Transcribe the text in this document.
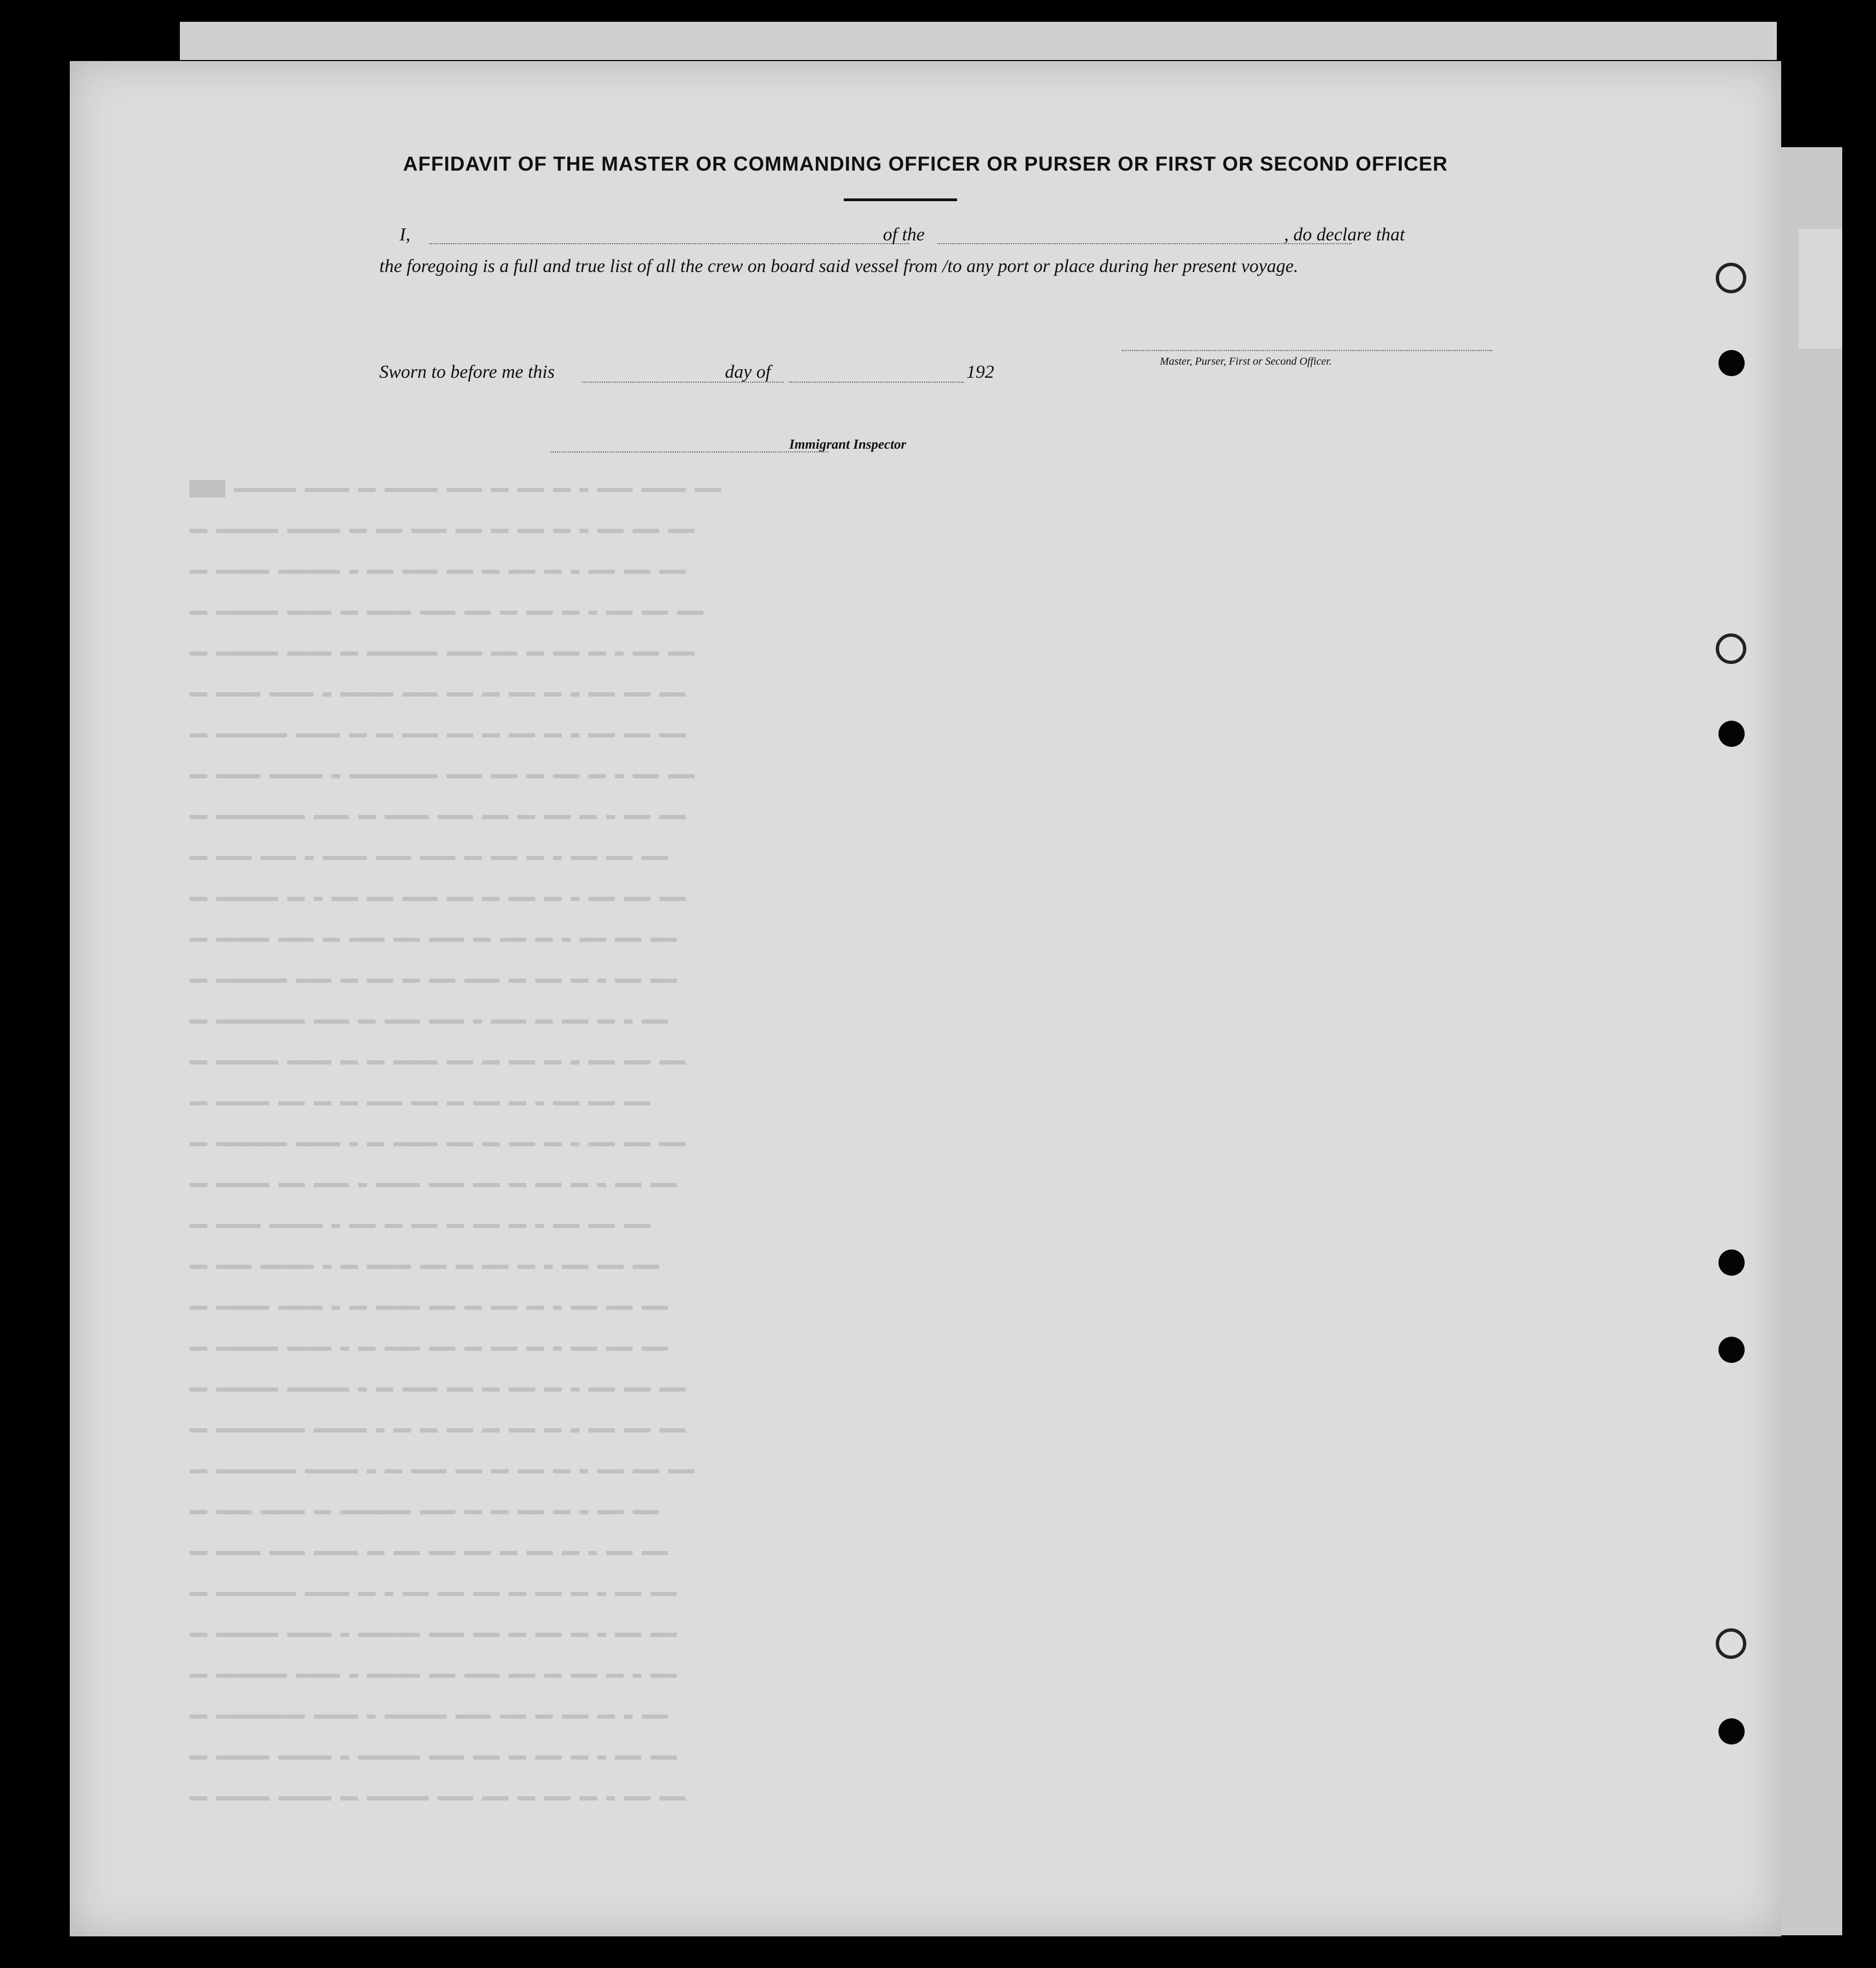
AFFIDAVIT OF THE MASTER OR COMMANDING OFFICER OR PURSER OR FIRST OR SECOND OFFICER
I,	of the	, do declare that
the foregoing is a full and true list of all the crew on board said vessel from /to any port or place during her present voyage.
Sworn to before me this	day of	192
Master, Purser, First or Second Officer.
Immigrant Inspector
████ ▬▬▬▬▬▬▬ ▬▬▬▬▬ ▬▬ ▬▬▬▬▬▬ ▬▬▬▬ ▬▬ ▬▬▬ ▬▬ ▬ ▬▬▬▬ ▬▬▬▬▬ ▬▬▬
▬▬ ▬▬▬▬▬▬▬ ▬▬▬▬▬▬ ▬▬ ▬▬▬ ▬▬▬▬ ▬▬▬ ▬▬ ▬▬▬ ▬▬ ▬ ▬▬▬ ▬▬▬ ▬▬▬
▬▬ ▬▬▬▬▬▬ ▬▬▬▬▬▬▬ ▬ ▬▬▬ ▬▬▬▬ ▬▬▬ ▬▬ ▬▬▬ ▬▬ ▬ ▬▬▬ ▬▬▬ ▬▬▬
▬▬ ▬▬▬▬▬▬▬ ▬▬▬▬▬ ▬▬ ▬▬▬▬▬ ▬▬▬▬ ▬▬▬ ▬▬ ▬▬▬ ▬▬ ▬ ▬▬▬ ▬▬▬ ▬▬▬
▬▬ ▬▬▬▬▬▬▬ ▬▬▬▬▬ ▬▬ ▬▬▬▬▬▬▬▬ ▬▬▬▬ ▬▬▬ ▬▬ ▬▬▬ ▬▬ ▬ ▬▬▬ ▬▬▬
▬▬ ▬▬▬▬▬ ▬▬▬▬▬ ▬ ▬▬▬▬▬▬ ▬▬▬▬ ▬▬▬ ▬▬ ▬▬▬ ▬▬ ▬ ▬▬▬ ▬▬▬ ▬▬▬
▬▬ ▬▬▬▬▬▬▬▬ ▬▬▬▬▬ ▬▬ ▬▬ ▬▬▬▬ ▬▬▬ ▬▬ ▬▬▬ ▬▬ ▬ ▬▬▬ ▬▬▬ ▬▬▬
▬▬ ▬▬▬▬▬ ▬▬▬▬▬▬ ▬ ▬▬▬▬▬▬▬▬▬▬ ▬▬▬▬ ▬▬▬ ▬▬ ▬▬▬ ▬▬ ▬ ▬▬▬ ▬▬▬
▬▬ ▬▬▬▬▬▬▬▬▬▬ ▬▬▬▬ ▬▬ ▬▬▬▬▬ ▬▬▬▬ ▬▬▬ ▬▬ ▬▬▬ ▬▬ ▬ ▬▬▬ ▬▬▬
▬▬ ▬▬▬▬ ▬▬▬▬ ▬ ▬▬▬▬▬ ▬▬▬▬ ▬▬▬▬ ▬▬ ▬▬▬ ▬▬ ▬ ▬▬▬ ▬▬▬ ▬▬▬
▬▬ ▬▬▬▬▬▬▬ ▬▬ ▬ ▬▬▬ ▬▬▬ ▬▬▬▬ ▬▬▬ ▬▬ ▬▬▬ ▬▬ ▬ ▬▬▬ ▬▬▬ ▬▬▬
▬▬ ▬▬▬▬▬▬ ▬▬▬▬ ▬▬ ▬▬▬▬ ▬▬▬ ▬▬▬▬ ▬▬ ▬▬▬ ▬▬ ▬ ▬▬▬ ▬▬▬ ▬▬▬
▬▬ ▬▬▬▬▬▬▬▬ ▬▬▬▬ ▬▬ ▬▬▬ ▬▬ ▬▬▬ ▬▬▬▬ ▬▬ ▬▬▬ ▬▬ ▬ ▬▬▬ ▬▬▬
▬▬ ▬▬▬▬▬▬▬▬▬▬ ▬▬▬▬ ▬▬ ▬▬▬▬ ▬▬▬▬ ▬ ▬▬▬▬ ▬▬ ▬▬▬ ▬▬ ▬ ▬▬▬
▬▬ ▬▬▬▬▬▬▬ ▬▬▬▬▬ ▬▬ ▬▬ ▬▬▬▬▬ ▬▬▬ ▬▬ ▬▬▬ ▬▬ ▬ ▬▬▬ ▬▬▬ ▬▬▬
▬▬ ▬▬▬▬▬▬ ▬▬▬ ▬▬ ▬▬ ▬▬▬▬ ▬▬▬ ▬▬ ▬▬▬ ▬▬ ▬ ▬▬▬ ▬▬▬ ▬▬▬
▬▬ ▬▬▬▬▬▬▬▬ ▬▬▬▬▬ ▬ ▬▬ ▬▬▬▬▬ ▬▬▬ ▬▬ ▬▬▬ ▬▬ ▬ ▬▬▬ ▬▬▬ ▬▬▬
▬▬ ▬▬▬▬▬▬ ▬▬▬ ▬▬▬▬ ▬ ▬▬▬▬▬ ▬▬▬▬ ▬▬▬ ▬▬ ▬▬▬ ▬▬ ▬ ▬▬▬ ▬▬▬
▬▬ ▬▬▬▬▬ ▬▬▬▬▬▬ ▬ ▬▬▬ ▬▬ ▬▬▬ ▬▬ ▬▬▬ ▬▬ ▬ ▬▬▬ ▬▬▬ ▬▬▬
▬▬ ▬▬▬▬ ▬▬▬▬▬▬ ▬ ▬▬ ▬▬▬▬▬ ▬▬▬ ▬▬ ▬▬▬ ▬▬ ▬ ▬▬▬ ▬▬▬ ▬▬▬
▬▬ ▬▬▬▬▬▬ ▬▬▬▬▬ ▬ ▬▬ ▬▬▬▬▬ ▬▬▬ ▬▬ ▬▬▬ ▬▬ ▬ ▬▬▬ ▬▬▬ ▬▬▬
▬▬ ▬▬▬▬▬▬▬ ▬▬▬▬▬ ▬ ▬▬ ▬▬▬▬ ▬▬▬ ▬▬ ▬▬▬ ▬▬ ▬ ▬▬▬ ▬▬▬ ▬▬▬
▬▬ ▬▬▬▬▬▬▬ ▬▬▬▬▬▬▬ ▬ ▬▬ ▬▬▬▬ ▬▬▬ ▬▬ ▬▬▬ ▬▬ ▬ ▬▬▬ ▬▬▬ ▬▬▬
▬▬ ▬▬▬▬▬▬▬▬▬▬ ▬▬▬▬▬▬ ▬ ▬▬ ▬▬ ▬▬▬ ▬▬ ▬▬▬ ▬▬ ▬ ▬▬▬ ▬▬▬ ▬▬▬
▬▬ ▬▬▬▬▬▬▬▬▬ ▬▬▬▬▬▬ ▬ ▬▬ ▬▬▬▬ ▬▬▬ ▬▬ ▬▬▬ ▬▬ ▬ ▬▬▬ ▬▬▬ ▬▬▬
▬▬ ▬▬▬▬ ▬▬▬▬▬ ▬▬ ▬▬▬▬▬▬▬▬ ▬▬▬▬ ▬▬ ▬▬ ▬▬▬ ▬▬ ▬ ▬▬▬ ▬▬▬
▬▬ ▬▬▬▬▬ ▬▬▬▬ ▬▬▬▬▬ ▬▬ ▬▬▬ ▬▬▬ ▬▬▬ ▬▬ ▬▬▬ ▬▬ ▬ ▬▬▬ ▬▬▬
▬▬ ▬▬▬▬▬▬▬▬▬ ▬▬▬▬▬ ▬▬ ▬ ▬▬▬ ▬▬▬ ▬▬▬ ▬▬ ▬▬▬ ▬▬ ▬ ▬▬▬ ▬▬▬
▬▬ ▬▬▬▬▬▬▬ ▬▬▬▬▬ ▬ ▬▬▬▬▬▬▬ ▬▬▬▬ ▬▬▬ ▬▬ ▬▬▬ ▬▬ ▬ ▬▬▬ ▬▬▬
▬▬ ▬▬▬▬▬▬▬▬ ▬▬▬▬▬ ▬ ▬▬▬▬▬▬ ▬▬▬ ▬▬▬▬ ▬▬▬ ▬▬ ▬▬▬ ▬▬ ▬ ▬▬▬
▬▬ ▬▬▬▬▬▬▬▬▬▬ ▬▬▬▬▬ ▬ ▬▬▬▬▬▬▬ ▬▬▬▬ ▬▬▬ ▬▬ ▬▬▬ ▬▬ ▬ ▬▬▬
▬▬ ▬▬▬▬▬▬ ▬▬▬▬▬▬ ▬ ▬▬▬▬▬▬▬ ▬▬▬▬ ▬▬▬ ▬▬ ▬▬▬ ▬▬ ▬ ▬▬▬ ▬▬▬
▬▬ ▬▬▬▬▬▬ ▬▬▬▬▬▬ ▬▬ ▬▬▬▬▬▬▬ ▬▬▬▬ ▬▬▬ ▬▬ ▬▬▬ ▬▬ ▬ ▬▬▬ ▬▬▬
